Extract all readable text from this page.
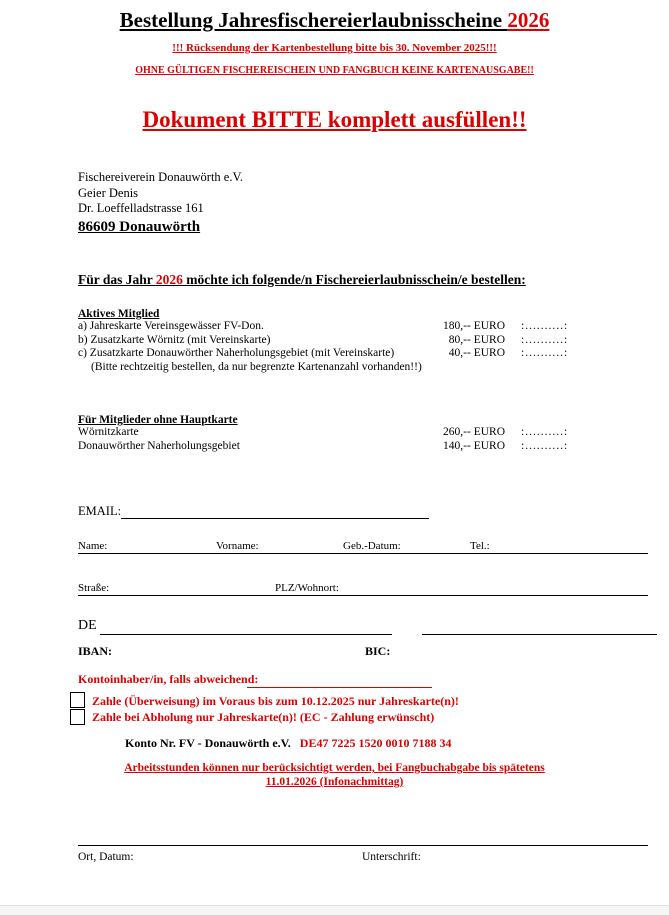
Bestellung Jahresfischereierlaubnisscheine 2026
!!! Rücksendung der Kartenbestellung bitte bis 30. November 2025!!!
OHNE GÜLTIGEN FISCHEREISCHEIN UND FANGBUCH KEINE KARTENAUSGABE!!
Dokument BITTE komplett ausfüllen!!
Fischereiverein Donauwörth e.V.
Geier Denis
Dr. Loeffelladstrasse 161
86609 Donauwörth
Für das Jahr 2026 möchte ich folgende/n Fischereierlaubnisschein/e bestellen:
Aktives Mitglied
a) Jahreskarte Vereinsgewässer FV-Don.	180,-- EURO :..........:
b) Zusatzkarte Wörnitz (mit Vereinskarte)	80,-- EURO :..........:
c) Zusatzkarte Donauwörther Naherholungsgebiet (mit Vereinskarte)	40,-- EURO :..........:
(Bitte rechtzeitig bestellen, da nur begrenzte Kartenanzahl vorhanden!!)
Für Mitglieder ohne Hauptkarte
Wörnitzkarte	260,-- EURO :..........:
Donauwörther Naherholungsgebiet	140,-- EURO :..........:
EMAIL:
Name:	Vorname:	Geb.-Datum:	Tel.:
Straße:	PLZ/Wohnort:
DE
IBAN:	BIC:
Kontoinhaber/in, falls abweichend:
Zahle (Überweisung) im Voraus bis zum 10.12.2025 nur Jahreskarte(n)!
Zahle bei Abholung nur Jahreskarte(n)! (EC - Zahlung erwünscht)
Konto Nr. FV - Donauwörth e.V. DE47 7225 1520 0010 7188 34
Arbeitsstunden können nur berücksichtigt werden, bei Fangbuchabgabe bis spätetens
11.01.2026 (Infonachmittag)
Ort, Datum:	Unterschrift:
